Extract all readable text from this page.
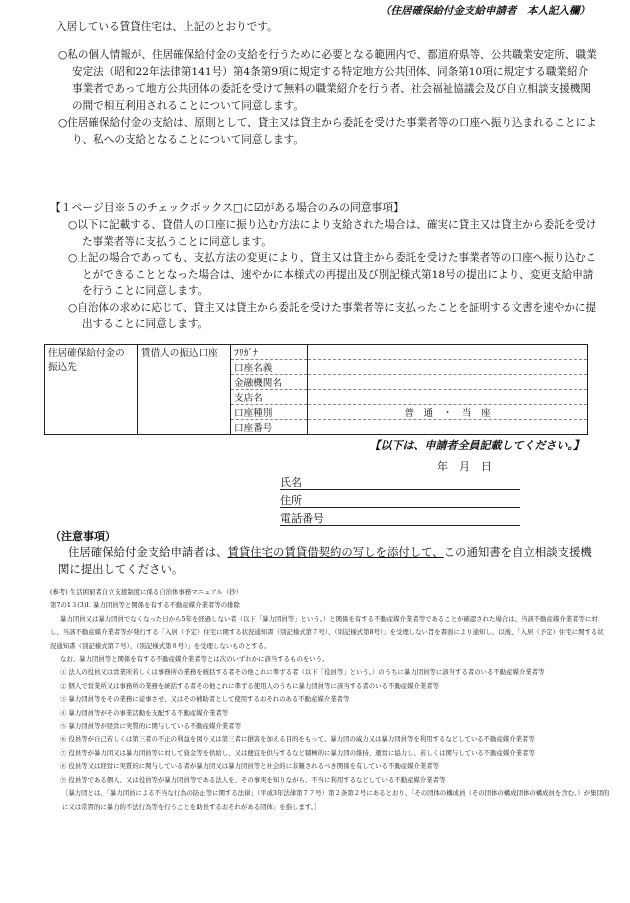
（住居確保給付金支給申請者　本人記入欄）
入居している賃貸住宅は、上記のとおりです。

○私の個人情報が、住居確保給付金の支給を行うために必要となる範囲内で、都道府県等、公共職業安定所、職業安定法（昭和22年法律第141号）第4条第9項に規定する特定地方公共団体、同条第10項に規定する職業紹介事業者であって地方公共団体の委託を受けて無料の職業紹介を行う者、社会福祉協議会及び自立相談支援機関の間で相互利用されることについて同意します。

○住居確保給付金の支給は、原則として、貸主又は貸主から委託を受けた事業者等の口座へ振り込まれることにより、私への支給となることについて同意します。

【１ページ目※５のチェックボックス□に☑がある場合のみの同意事項】

○以下に記載する、貸借人の口座に振り込む方法により支給された場合は、確実に貸主又は貸主から委託を受けた事業者等に支払うことに同意します。

○上記の場合であっても、支払方法の変更により、貸主又は貸主から委託を受けた事業者等の口座へ振り込むことができることとなった場合は、速やかに本様式の再提出及び別記様式第18号の提出により、変更支給申請を行うことに同意します。

○自治体の求めに応じて、貸主又は貸主から委託を受けた事業者等に支払ったことを証明する文書を速やかに提出することに同意します。

住居確保給付金の振込先	賃借人の振込口座	ﾌﾘｶﾞﾅ	
		口座名義	
		金融機関名	
		支店名	
		口座種別	普　通　・　当　座
		口座番号	
【以下は、申請者全員記載してください。】
年　月　日
氏名
住所
電話番号
（注意事項）
住居確保給付金支給申請者は、賃貸住宅の賃貸借契約の写しを添付して、この通知書を自立相談支援機関に提出してください。

(参考) 生活困窮者自立支援制度に係る自治体事務マニュアル（抄）

第7の1３(3)Ⅰ. 暴力団員等と関係を有する不動産媒介業者等の排除

暴力団員又は暴力団員でなくなった日から5年を経過しない者（以下「暴力団員等」という。）と関係を有する不動産媒介業者等であることが確認された場合は、当該不動産媒介業者等に対し、当該不動産媒介業者等が発行する「入居（予定）住宅に関する状況通知書（別記様式第７号）、（別記様式第8号）」を受理しない旨を書面により通知し、以後、「入居（予定）住宅に関する状況通知書（別記様式第７号）、（別記様式第８号）」を受理しないものとする。

なお、暴力団員等と関係を有する不動産媒介業者等とは次のいずれかに該当するものをいう。

① 法人の役員又は営業所若しくは事務所の業務を統括する者その他これに準ずる者（以下「役員等」という。）のうちに暴力団員等に該当する者のいる不動産媒介業者等

② 個人で営業所又は事務所の業務を統括する者その他これに準ずる使用人のうちに暴力団員等に該当する者のいる不動産媒介業者等

③ 暴力団員等をその業務に従事させ、又はその補助者として使用するおそれのある不動産媒介業者等

④ 暴力団員等がその事業活動を支配する不動産媒介業者等

⑤ 暴力団員等が経営に実質的に関与している不動産媒介業者等

⑥ 役員等が自己若しくは第三者の不正の利益を図り又は第三者に損害を加える目的をもって、暴力団の威力又は暴力団員等を利用するなどしている不動産媒介業者等

⑦ 役員等が暴力団又は暴力団員等に対して資金等を供給し、又は便宜を供与するなど積極的に暴力団の維持、運営に協力し、若しくは関与している不動産媒介業者等

⑧ 役員等又は経営に実質的に関与している者が暴力団又は暴力団員等と社会的に非難されるべき関係を有している不動産媒介業者等

⑨ 役員等である個人、又は役員等が暴力団員等である法人を、その事実を知りながら、不当に利用するなどしている不動産媒介業者等

［暴力団とは、「暴力団員による不当な行為の防止等に関する法律」（平成3年法律第７７号）第２条第２号にあるとおり、「その団体の構成員（その団体の構成団体の構成員を含む。）が集団的に又は常習的に暴力的不法行為等を行うことを助長するおそれがある団体」を指します。］
